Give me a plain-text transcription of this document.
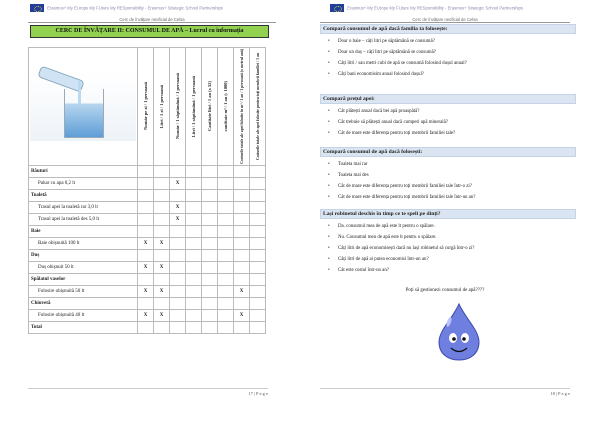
Erasmus+ My EUrope My FUture My RESponsibility - Erasmus+ Strategic School Partnerships
Cerc de învățare neoficial de Celsa
CERC DE ÎNVĂȚARE II: CONSUMUL DE APĂ – Lucrul cu informația

	Număr pe zi / 1 persoană	Litri / 1 zi / 1 persoană	Număr / 1 săptămână / 1 persoană	Litri / 1 săptămână / 1 persoană	Cantitate litri / 1 an (x 52)	cantitate m³ / 1 an (: 1000)	Costurile totale ale apei folosite în m³ / 1 an / 1 persoană (x metrul ană)	Costurile totale ale apei folosite pentru toți membrii familiei / 1 an

Băuturi								
Pahar cu apa 0,2 lt			X					
Toaletă								
Trasul apei la toaletă rar 3,0 lt			X					
Trasul apei la toaletă des 5,0 lt			X					
Baie								
Baie obișnuită 100 lt	X	X						
Duș								
Duș obișnuit 50 lt	X	X						
Spălatul vaselor								
Folosire obișnuită 50 lt	X	X					X	
Chiuvetă								
Folosire obișnuită 40 lt	X	X					X	
Total								
17 | P a g e
Erasmus+ My EUrope My FUture My RESponsibility - Erasmus+ Strategic School Partnerships
Cerc de învățare neoficial de Celsa
Compară consumul de apă dacă familia ta folosește:
• Doar o baie – câți litri pe săptămână se consumă?
• Doar un duș – câți litri pe săptămână se consumă?
• Câți litri / sau metri cubi de apă se consumă folosind dușul anual?
• Câți bani economisim anual folosind dușul?
Compară prețul apei:
• Cât plătești anual dacă bei apă proaspătă?
• Cât trebuie să plătești anual dacă cumperi apă minerală?
• Cât de mare este diferența pentru toți membrii familiei tale?
Compară consumul de apă dacă folosești:
• Toaleta mai rar
• Toaleta mai des
• Cât de mare este diferența pentru toți membrii familiei tale într-o zi?
• Cât de mare este diferența pentru toți membrii familiei tale într-un an?
Lași robinetul deschis în timp ce te speli pe dinți?
• Da. consumul mea de apă este lt pentru o spălare.
• Nu. Consumul meu de apă este lt pentru o spălare.
• Câți litri de apă economisești dacă nu lași robinetul să curgă într-o zi?
• Câți litri de apă ai putea economisi într-un an?
• Cât este costul într-un an?
Poți să gestionezi consumul de apă????
18 | P a g e
